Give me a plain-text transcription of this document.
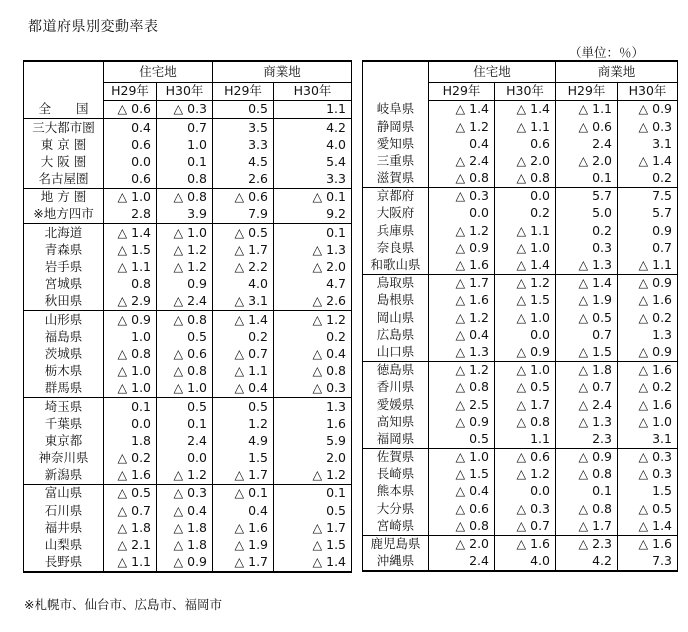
都道府県別変動率表
（単位：％）
	住宅地		商業地	
	H29年	H30年	H29年	H30年
全　　国	△ 0.6	△ 0.3	0.5	1.1
三大都市圏	0.4	0.7	3.5	4.2
東 京 圏	0.6	1.0	3.3	4.0
大 阪 圏	0.0	0.1	4.5	5.4
名古屋圏	0.6	0.8	2.6	3.3
地 方 圏	△ 1.0	△ 0.8	△ 0.6	△ 0.1
※地方四市	2.8	3.9	7.9	9.2
北海道	△ 1.4	△ 1.0	△ 0.5	0.1
青森県	△ 1.5	△ 1.2	△ 1.7	△ 1.3
岩手県	△ 1.1	△ 1.2	△ 2.2	△ 2.0
宮城県	0.8	0.9	4.0	4.7
秋田県	△ 2.9	△ 2.4	△ 3.1	△ 2.6
山形県	△ 0.9	△ 0.8	△ 1.4	△ 1.2
福島県	1.0	0.5	0.2	0.2
茨城県	△ 0.8	△ 0.6	△ 0.7	△ 0.4
栃木県	△ 1.0	△ 0.8	△ 1.1	△ 0.8
群馬県	△ 1.0	△ 1.0	△ 0.4	△ 0.3
埼玉県	0.1	0.5	0.5	1.3
千葉県	0.0	0.1	1.2	1.6
東京都	1.8	2.4	4.9	5.9
神奈川県	△ 0.2	0.0	1.5	2.0
新潟県	△ 1.6	△ 1.2	△ 1.7	△ 1.2
富山県	△ 0.5	△ 0.3	△ 0.1	0.1
石川県	△ 0.7	△ 0.4	0.4	0.5
福井県	△ 1.8	△ 1.8	△ 1.6	△ 1.7
山梨県	△ 2.1	△ 1.8	△ 1.9	△ 1.5
長野県	△ 1.1	△ 0.9	△ 1.7	△ 1.4
	住宅地		商業地	
	H29年	H30年	H29年	H30年
岐阜県	△ 1.4	△ 1.4	△ 1.1	△ 0.9
静岡県	△ 1.2	△ 1.1	△ 0.6	△ 0.3
愛知県	0.4	0.6	2.4	3.1
三重県	△ 2.4	△ 2.0	△ 2.0	△ 1.4
滋賀県	△ 0.8	△ 0.8	0.1	0.2
京都府	△ 0.3	0.0	5.7	7.5
大阪府	0.0	0.2	5.0	5.7
兵庫県	△ 1.2	△ 1.1	0.2	0.9
奈良県	△ 0.9	△ 1.0	0.3	0.7
和歌山県	△ 1.6	△ 1.4	△ 1.3	△ 1.1
鳥取県	△ 1.7	△ 1.2	△ 1.4	△ 0.9
島根県	△ 1.6	△ 1.5	△ 1.9	△ 1.6
岡山県	△ 1.2	△ 1.0	△ 0.5	△ 0.2
広島県	△ 0.4	0.0	0.7	1.3
山口県	△ 1.3	△ 0.9	△ 1.5	△ 0.9
徳島県	△ 1.2	△ 1.0	△ 1.8	△ 1.6
香川県	△ 0.8	△ 0.5	△ 0.7	△ 0.2
愛媛県	△ 2.5	△ 1.7	△ 2.4	△ 1.6
高知県	△ 0.9	△ 0.8	△ 1.3	△ 1.0
福岡県	0.5	1.1	2.3	3.1
佐賀県	△ 1.0	△ 0.6	△ 0.9	△ 0.3
長崎県	△ 1.5	△ 1.2	△ 0.8	△ 0.3
熊本県	△ 0.4	0.0	0.1	1.5
大分県	△ 0.6	△ 0.3	△ 0.8	△ 0.5
宮崎県	△ 0.8	△ 0.7	△ 1.7	△ 1.4
鹿児島県	△ 2.0	△ 1.6	△ 2.3	△ 1.6
沖縄県	2.4	4.0	4.2	7.3
※札幌市、仙台市、広島市、福岡市
